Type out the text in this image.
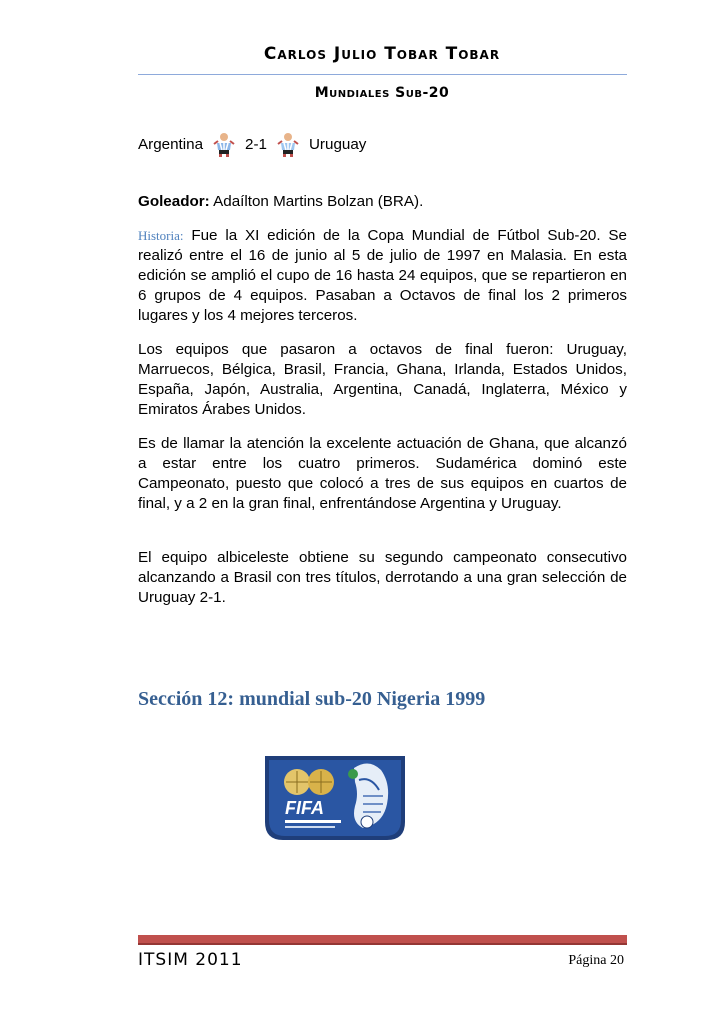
Carlos Julio Tobar Tobar
Mundiales Sub-20
Argentina	2-1	Uruguay

Goleador: Adaílton Martins Bolzan (BRA).

Historia: Fue la XI edición de la Copa Mundial de Fútbol Sub-20. Se realizó entre el 16 de junio al 5 de julio de 1997 en Malasia. En esta edición se amplió el cupo de 16 hasta 24 equipos, que se repartieron en 6 grupos de 4 equipos. Pasaban a Octavos de final los 2 primeros lugares y los 4 mejores terceros.

Los equipos que pasaron a octavos de final fueron: Uruguay, Marruecos, Bélgica, Brasil, Francia, Ghana, Irlanda, Estados Unidos, España, Japón, Australia, Argentina, Canadá, Inglaterra, México y Emiratos Árabes Unidos.

Es de llamar la atención la excelente actuación de Ghana, que alcanzó a estar entre los cuatro primeros. Sudamérica dominó este Campeonato, puesto que colocó a tres de sus equipos en cuartos de final, y a 2 en la gran final, enfrentándose Argentina y Uruguay.

El equipo albiceleste obtiene su segundo campeonato consecutivo alcanzando a Brasil con tres títulos, derrotando a una gran selección de Uruguay 2-1.

Sección 12: mundial sub-20 Nigeria 1999
FIFA
ITSIM 2011	Página 20
